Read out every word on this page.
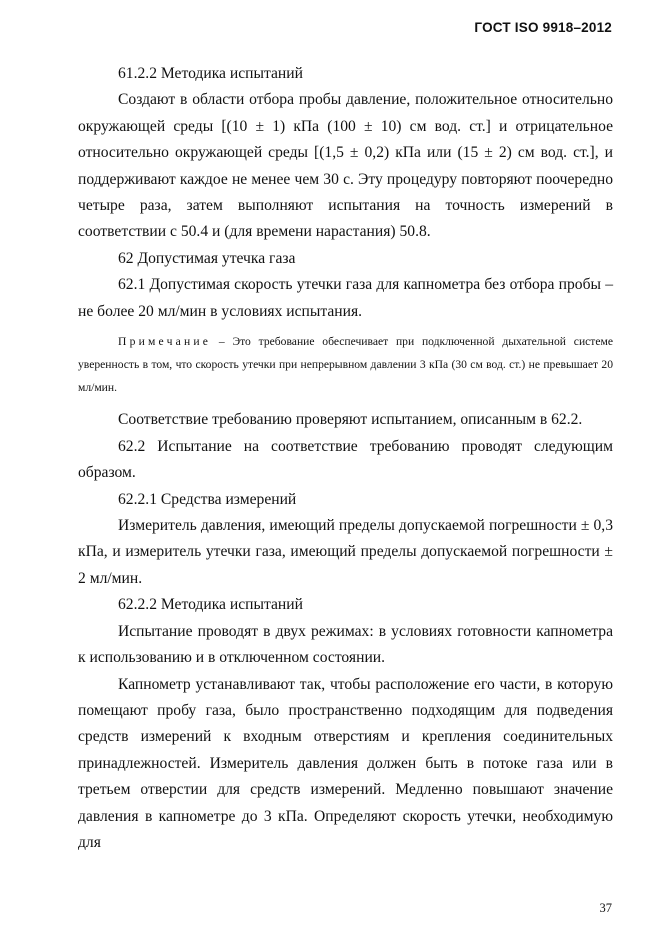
ГОСТ ISO 9918–2012

61.2.2 Методика испытаний

Создают в области отбора пробы давление, положительное относительно окружающей среды [(10 ± 1) кПа (100 ± 10) см вод. ст.] и отрицательное относительно окружающей среды [(1,5 ± 0,2) кПа или (15 ± 2) см вод. ст.], и поддерживают каждое не менее чем 30 с. Эту процедуру повторяют поочередно четыре раза, затем выполняют испытания на точность измерений в соответствии с 50.4 и (для времени нарастания) 50.8.

62 Допустимая утечка газа

62.1 Допустимая скорость утечки газа для капнометра без отбора пробы – не более 20 мл/мин в условиях испытания.

Примечание – Это требование обеспечивает при подключенной дыхательной системе уверенность в том, что скорость утечки при непрерывном давлении 3 кПа (30 см вод. ст.) не превышает 20 мл/мин.

Соответствие требованию проверяют испытанием, описанным в 62.2.

62.2 Испытание на соответствие требованию проводят следующим образом.

62.2.1 Средства измерений

Измеритель давления, имеющий пределы допускаемой погрешности ± 0,3 кПа, и измеритель утечки газа, имеющий пределы допускаемой погрешности ± 2 мл/мин.

62.2.2 Методика испытаний

Испытание проводят в двух режимах: в условиях готовности капнометра к использованию и в отключенном состоянии.

Капнометр устанавливают так, чтобы расположение его части, в которую помещают пробу газа, было пространственно подходящим для подведения средств измерений к входным отверстиям и крепления соединительных принадлежностей. Измеритель давления должен быть в потоке газа или в третьем отверстии для средств измерений. Медленно повышают значение давления в капнометре до 3 кПа. Определяют скорость утечки, необходимую для

37
